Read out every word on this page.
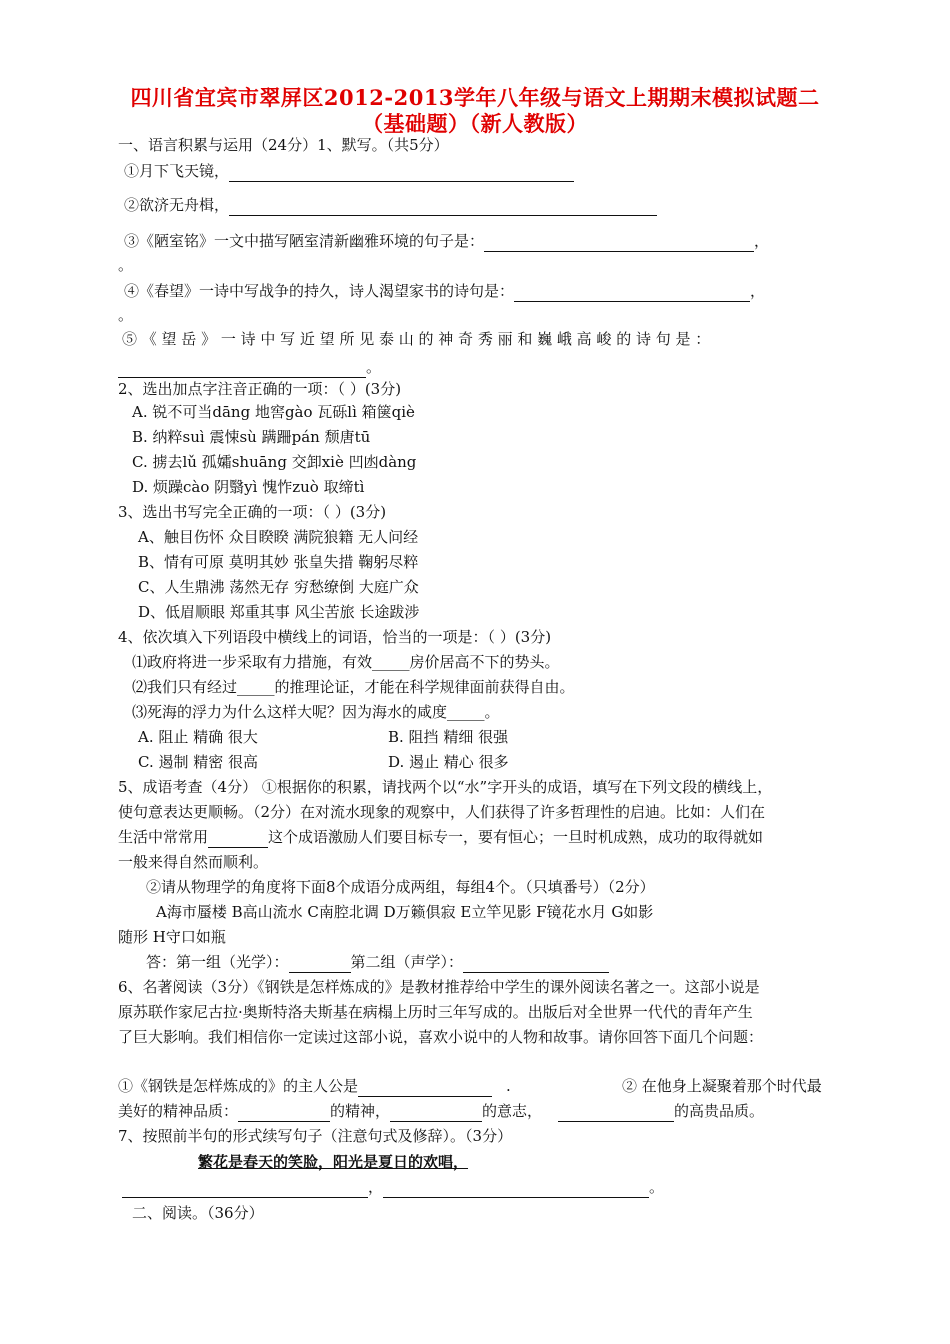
四川省宜宾市翠屏区2012-2013学年八年级与语文上期期末模拟试题二
（基础题）（新人教版）
一、语言积累与运用（24分）1、默写。（共5分）
①月下飞天镜，
②欲济无舟楫，
③《陋室铭》一文中描写陋室清新幽雅环境的句子是：	，
。
④《春望》一诗中写战争的持久，诗人渴望家书的诗句是：	，
。
⑤ 《 望 岳 》 一 诗 中 写 近 望 所 见 泰 山 的 神 奇 秀 丽 和 巍 峨 高 峻 的 诗 句 是 ：
。
2、选出加点字注音正确的一项：（ ）(3分)
A. 锐不可当dāng 地窖gào 瓦砾lì 箱箧qiè
B. 纳粹suì 震悚sù 蹒跚pán 颓唐tū
C. 掳去lǔ 孤孀shuāng 交卸xiè 凹凼dàng
D. 烦躁cào 阴翳yì 愧怍zuò 取缔tì
3、选出书写完全正确的一项：（ ）(3分)
A、触目伤怀 众目睽睽 满院狼籍 无人问经
B、情有可原 莫明其妙 张皇失措 鞠躬尽粹
C、人生鼎沸 荡然无存 穷愁缭倒 大庭广众
D、低眉顺眼 郑重其事 风尘苦旅 长途跋涉
4、依次填入下列语段中横线上的词语，恰当的一项是：（ ）(3分)
⑴政府将进一步采取有力措施，有效_____房价居高不下的势头。
⑵我们只有经过_____的推理论证，才能在科学规律面前获得自由。
⑶死海的浮力为什么这样大呢？因为海水的咸度_____。
A. 阻止 精确 很大	B. 阻挡 精细 很强
C. 遏制 精密 很高	D. 遏止 精心 很多
5、成语考查（4分） ①根据你的积累，请找两个以“水”字开头的成语，填写在下列文段的横线上，
使句意表达更顺畅。（2分）在对流水现象的观察中，人们获得了许多哲理性的启迪。比如：人们在
生活中常常用	这个成语激励人们要目标专一，要有恒心；一旦时机成熟，成功的取得就如
一般来得自然而顺利。
②请从物理学的角度将下面8个成语分成两组，每组4个。（只填番号）（2分）
A海市蜃楼 B高山流水 C南腔北调 D万籁俱寂 E立竿见影 F镜花水月 G如影
随形 H守口如瓶
答：第一组（光学）：	第二组（声学）：
6、名著阅读（3分）《钢铁是怎样炼成的》是教材推荐给中学生的课外阅读名著之一。这部小说是
原苏联作家尼古拉·奥斯特洛夫斯基在病榻上历时三年写成的。出版后对全世界一代代的青年产生
了巨大影响。我们相信你一定读过这部小说，喜欢小说中的人物和故事。请你回答下面几个问题：
①《钢铁是怎样炼成的》的主人公是	.	② 在他身上凝聚着那个时代最
美好的精神品质：	的精神，	的意志，	的高贵品质。
7、按照前半句的形式续写句子（注意句式及修辞）。（3分）
繁花是春天的笑脸，阳光是夏日的欢唱，
，	。
二、阅读。（36分）
